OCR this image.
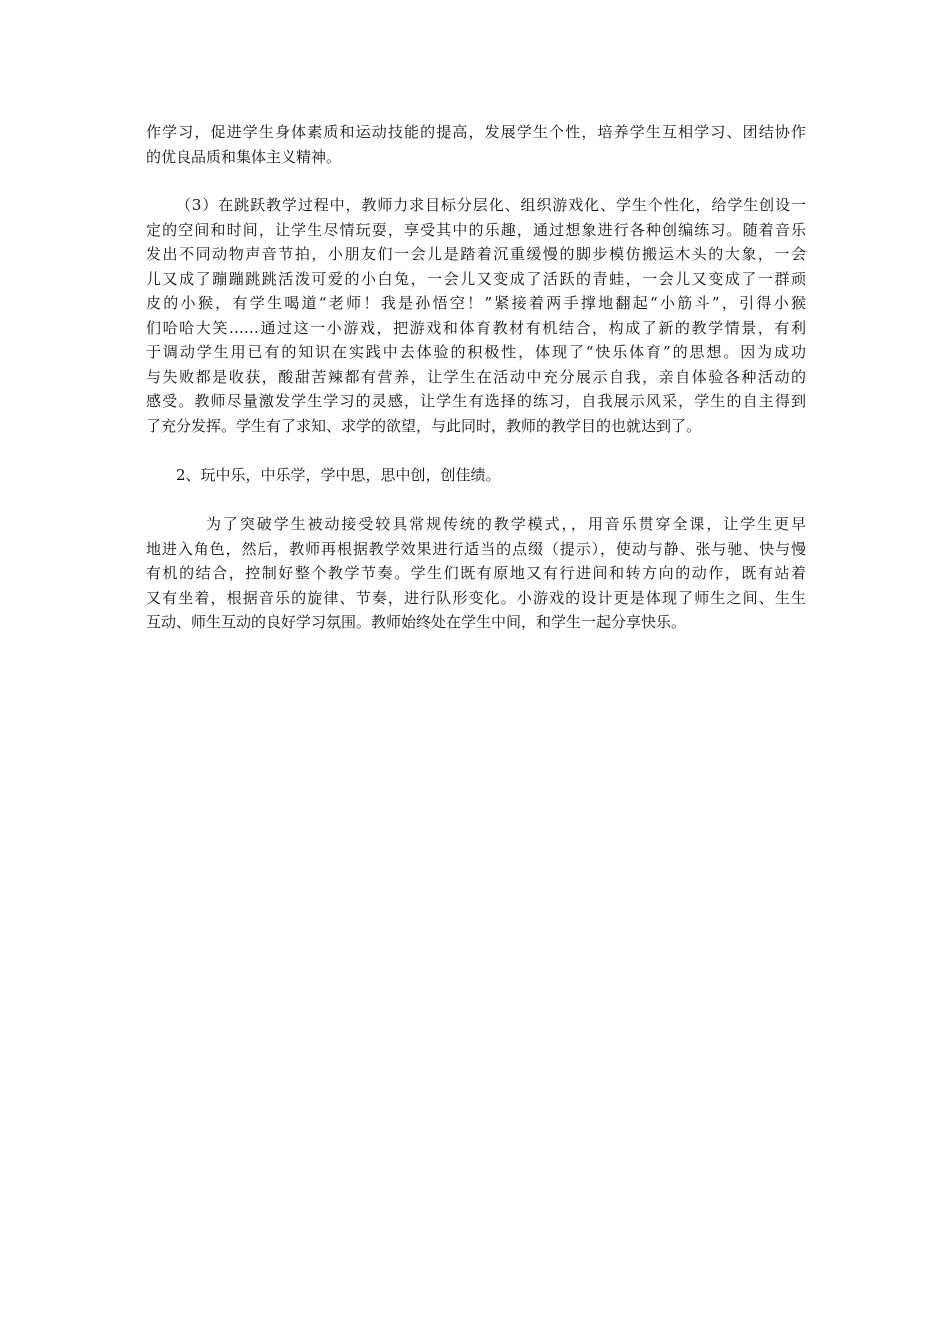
作学习，促进学生身体素质和运动技能的提高，发展学生个性，培养学生互相学习、团结协作
的优良品质和集体主义精神。
（3）在跳跃教学过程中，教师力求目标分层化、组织游戏化、学生个性化，给学生创设一
定的空间和时间，让学生尽情玩耍，享受其中的乐趣，通过想象进行各种创编练习。随着音乐
发出不同动物声音节拍，小朋友们一会儿是踏着沉重缓慢的脚步模仿搬运木头的大象，一会
儿又成了蹦蹦跳跳活泼可爱的小白兔，一会儿又变成了活跃的青蛙，一会儿又变成了一群顽
皮的小猴，有学生喝道“老师！我是孙悟空！”紧接着两手撑地翻起“小筋斗”，引得小猴
们哈哈大笑……通过这一小游戏，把游戏和体育教材有机结合，构成了新的教学情景，有利
于调动学生用已有的知识在实践中去体验的积极性，体现了“快乐体育”的思想。因为成功
与失败都是收获，酸甜苦辣都有营养，让学生在活动中充分展示自我，亲自体验各种活动的
感受。教师尽量激发学生学习的灵感，让学生有选择的练习，自我展示风采，学生的自主得到
了充分发挥。学生有了求知、求学的欲望，与此同时，教师的教学目的也就达到了。
2、玩中乐，中乐学，学中思，思中创，创佳绩。
为了突破学生被动接受较具常规传统的教学模式，，用音乐贯穿全课，让学生更早
地进入角色，然后，教师再根据教学效果进行适当的点缀（提示），使动与静、张与驰、快与慢
有机的结合，控制好整个教学节奏。学生们既有原地又有行进间和转方向的动作，既有站着
又有坐着，根据音乐的旋律、节奏，进行队形变化。小游戏的设计更是体现了师生之间、生生
互动、师生互动的良好学习氛围。教师始终处在学生中间，和学生一起分享快乐。
